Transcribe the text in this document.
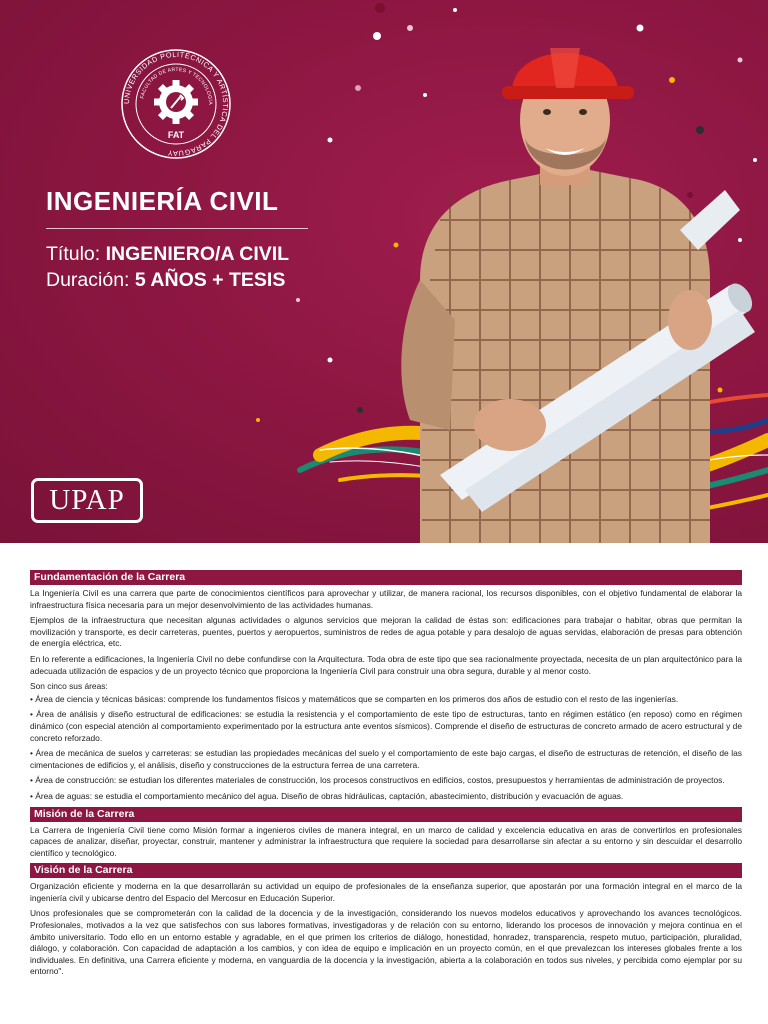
UNIVERSIDAD POLITÉCNICA Y ARTÍSTICA DEL PARAGUAY
FACULTAD DE ARTES Y TECNOLOGÍA
FAT
INGENIERÍA CIVIL
Título: INGENIERO/A CIVIL
Duración: 5 AÑOS + TESIS
UPAP
Fundamentación de la Carrera

La Ingeniería Civil es una carrera que parte de conocimientos científicos para aprovechar y utilizar, de manera racional, los recursos disponibles, con el objetivo fundamental de elaborar la infraestructura física necesaria para un mejor desenvolvimiento de las actividades humanas.

Ejemplos de la infraestructura que necesitan algunas actividades o algunos servicios que mejoran la calidad de éstas son: edificaciones para trabajar o habitar, obras que permitan la movilización y transporte, es decir carreteras, puentes, puertos y aeropuertos, suministros de redes de agua potable y para desalojo de aguas servidas, elaboración de presas para obtención de energía eléctrica, etc.

En lo referente a edificaciones, la Ingeniería Civil no debe confundirse con la Arquitectura. Toda obra de este tipo que sea racionalmente proyectada, necesita de un plan arquitectónico para la adecuada utilización de espacios y de un proyecto técnico que proporciona la Ingeniería Civil para construir una obra segura, durable y al menor costo.

Son cinco sus áreas:

• Área de ciencia y técnicas básicas: comprende los fundamentos físicos y matemáticos que se comparten en los primeros dos años de estudio con el resto de las ingenierías.

• Área de análisis y diseño estructural de edificaciones: se estudia la resistencia y el comportamiento de este tipo de estructuras, tanto en régimen estático (en reposo) como en régimen dinámico (con especial atención al comportamiento experimentado por la estructura ante eventos sísmicos). Comprende el diseño de estructuras de concreto armado de acero estructural y de concreto reforzado.

• Área de mecánica de suelos y carreteras: se estudian las propiedades mecánicas del suelo y el comportamiento de este bajo cargas, el diseño de estructuras de retención, el diseño de las cimentaciones de edificios y, el análisis, diseño y construcciones de la estructura ferrea de una carretera.

• Área de construcción: se estudian los diferentes materiales de construcción, los procesos constructivos en edificios, costos, presupuestos y herramientas de administración de proyectos.

• Área de aguas: se estudia el comportamiento mecánico del agua. Diseño de obras hidráulicas, captación, abastecimiento, distribución y evacuación de aguas.

Misión de la Carrera

La Carrera de Ingeniería Civil tiene como Misión formar a ingenieros civiles de manera integral, en un marco de calidad y excelencia educativa en aras de convertirlos en profesionales capaces de analizar, diseñar, proyectar, construir, mantener y administrar la infraestructura que requiere la sociedad para desarrollarse sin afectar a su entorno y sin descuidar el desarrollo científico y tecnológico.

Visión de la Carrera

Organización eficiente y moderna en la que desarrollarán su actividad un equipo de profesionales de la enseñanza superior, que apostarán por una formación integral en el marco de la ingeniería civil y ubicarse dentro del Espacio del Mercosur en Educación Superior.

Unos profesionales que se comprometerán con la calidad de la docencia y de la investigación, considerando los nuevos modelos educativos y aprovechando los avances tecnológicos. Profesionales, motivados a la vez que satisfechos con sus labores formativas, investigadoras y de relación con su entorno, liderando los procesos de innovación y mejora continua en el ámbito universitario. Todo ello en un entorno estable y agradable, en el que primen los criterios de diálogo, honestidad, honradez, transparencia, respeto mutuo, participación, pluralidad, diálogo, y colaboración. Con capacidad de adaptación a los cambios, y con idea de equipo e implicación en un proyecto común, en el que prevalezcan los intereses globales frente a los individuales. En definitiva, una Carrera eficiente y moderna, en vanguardia de la docencia y la investigación, abierta a la colaboración en todos sus niveles, y percibida como ejemplar por su entorno".
